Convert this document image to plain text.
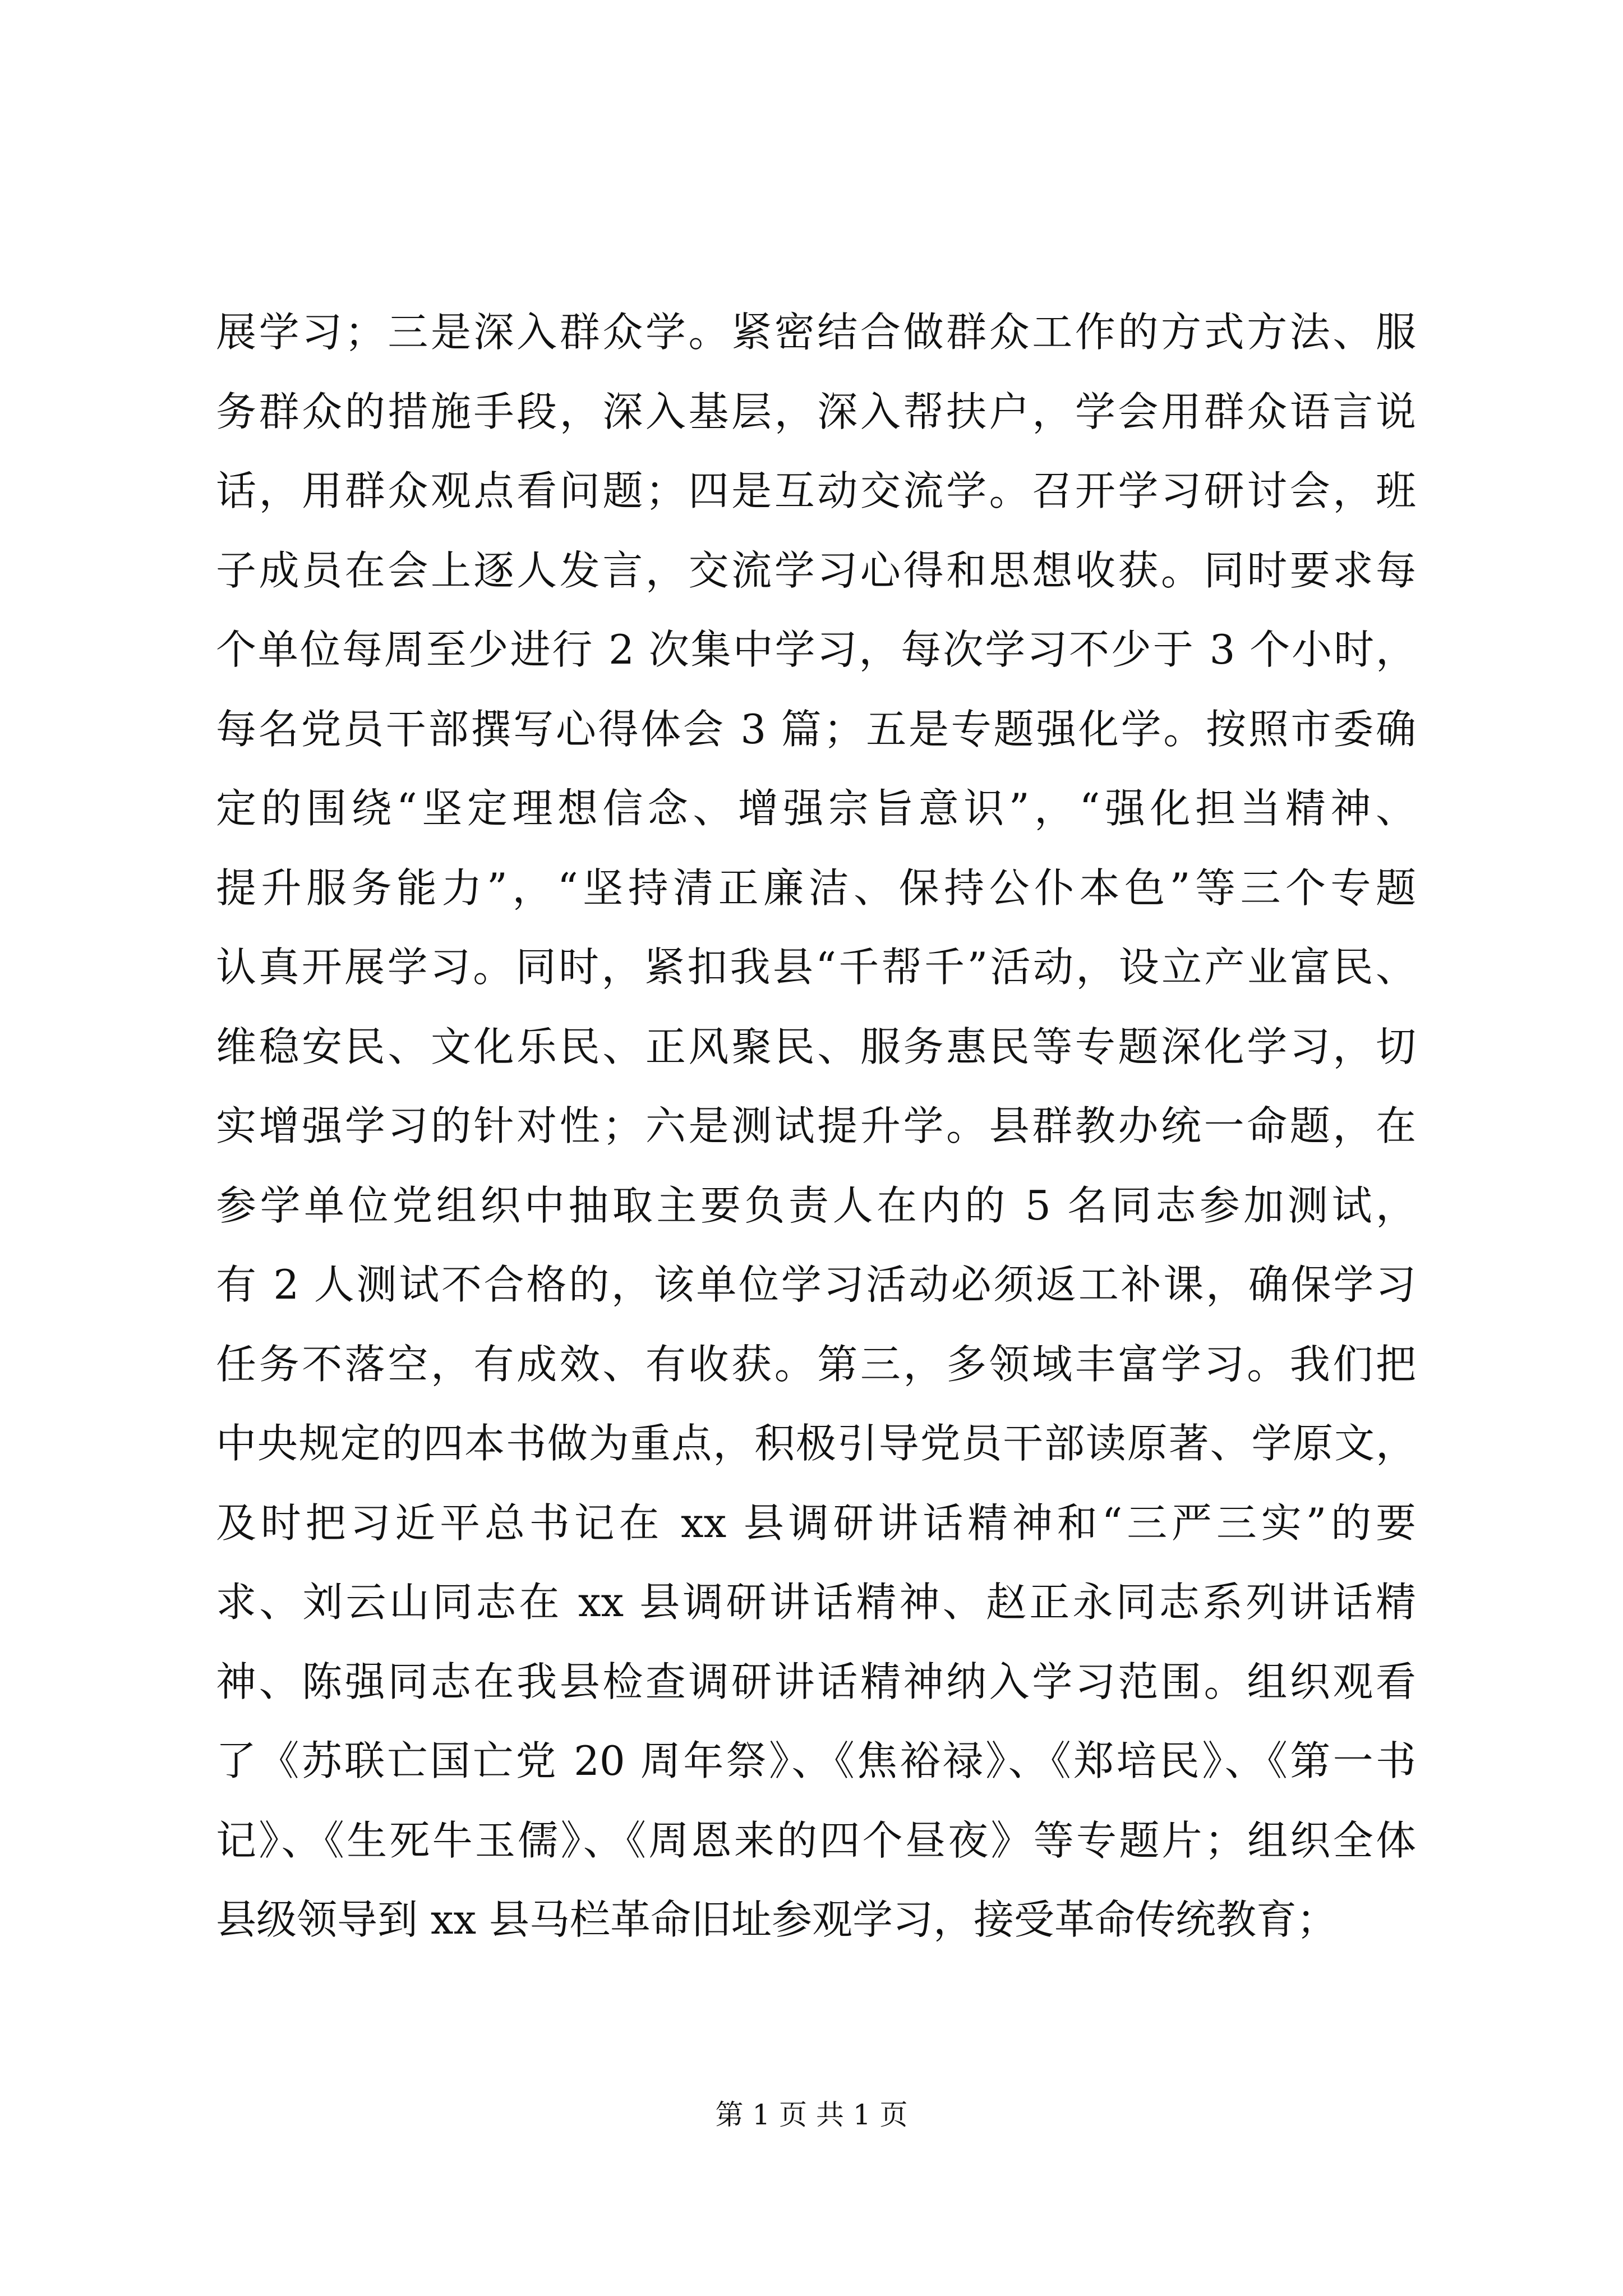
展学习；三是深入群众学。紧密结合做群众工作的方式方法、服
务群众的措施手段，深入基层，深入帮扶户，学会用群众语言说
话，用群众观点看问题；四是互动交流学。召开学习研讨会，班
子成员在会上逐人发言，交流学习心得和思想收获。同时要求每
个单位每周至少进行 2 次集中学习，每次学习不少于 3 个小时，
每名党员干部撰写心得体会 3 篇；五是专题强化学。按照市委确
定的围绕“坚定理想信念、增强宗旨意识”，“强化担当精神、
提升服务能力”，“坚持清正廉洁、保持公仆本色”等三个专题
认真开展学习。同时，紧扣我县“千帮千”活动，设立产业富民、
维稳安民、文化乐民、正风聚民、服务惠民等专题深化学习，切
实增强学习的针对性；六是测试提升学。县群教办统一命题，在
参学单位党组织中抽取主要负责人在内的 5 名同志参加测试，
有 2 人测试不合格的，该单位学习活动必须返工补课，确保学习
任务不落空，有成效、有收获。第三，多领域丰富学习。我们把
中央规定的四本书做为重点，积极引导党员干部读原著、学原文，
及时把习近平总书记在 xx 县调研讲话精神和“三严三实”的要
求、刘云山同志在 xx 县调研讲话精神、赵正永同志系列讲话精
神、陈强同志在我县检查调研讲话精神纳入学习范围。组织观看
了《苏联亡国亡党 20 周年祭》、《焦裕禄》、《郑培民》、《第一书
记》、《生死牛玉儒》、《周恩来的四个昼夜》等专题片；组织全体
县级领导到 xx 县马栏革命旧址参观学习，接受革命传统教育；
第 1 页 共 1 页
